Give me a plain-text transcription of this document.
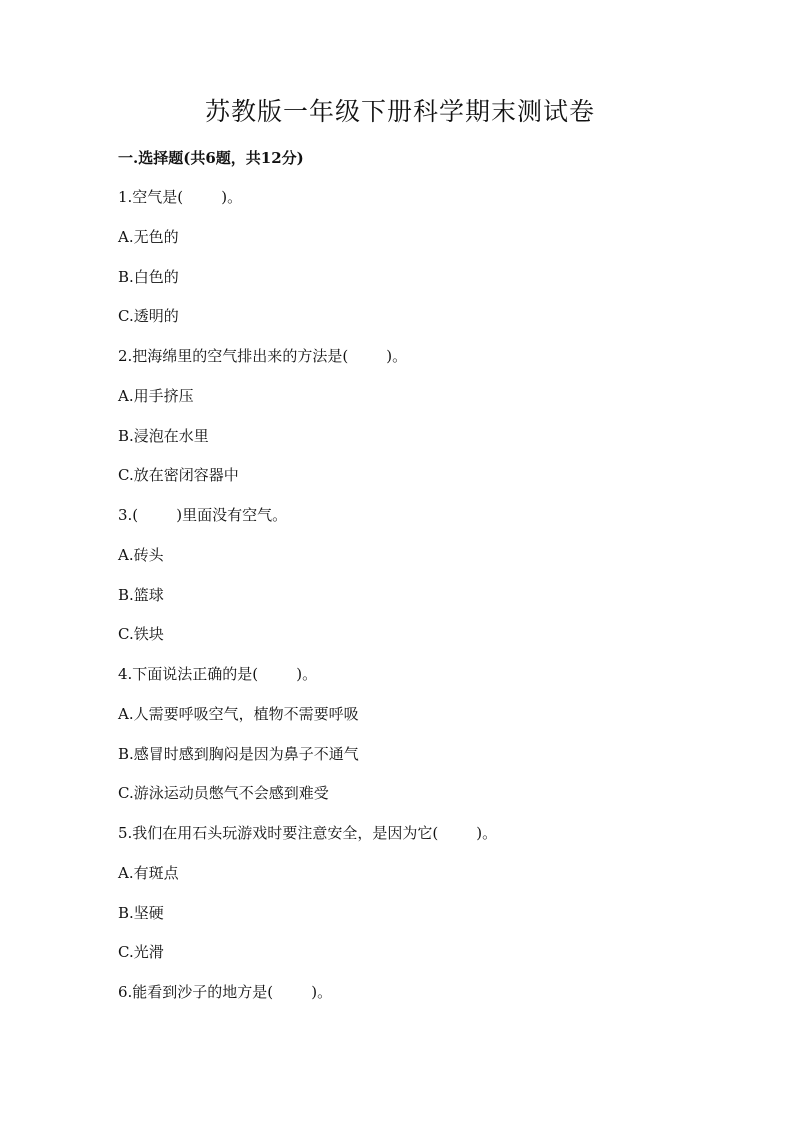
苏教版一年级下册科学期末测试卷
一.选择题(共6题，共12分)
1.空气是(        )。
A.无色的
B.白色的
C.透明的
2.把海绵里的空气排出来的方法是(        )。
A.用手挤压
B.浸泡在水里
C.放在密闭容器中
3.(        )里面没有空气。
A.砖头
B.篮球
C.铁块
4.下面说法正确的是(        )。
A.人需要呼吸空气，植物不需要呼吸
B.感冒时感到胸闷是因为鼻子不通气
C.游泳运动员憋气不会感到难受
5.我们在用石头玩游戏时要注意安全，是因为它(        )。
A.有斑点
B.坚硬
C.光滑
6.能看到沙子的地方是(        )。
